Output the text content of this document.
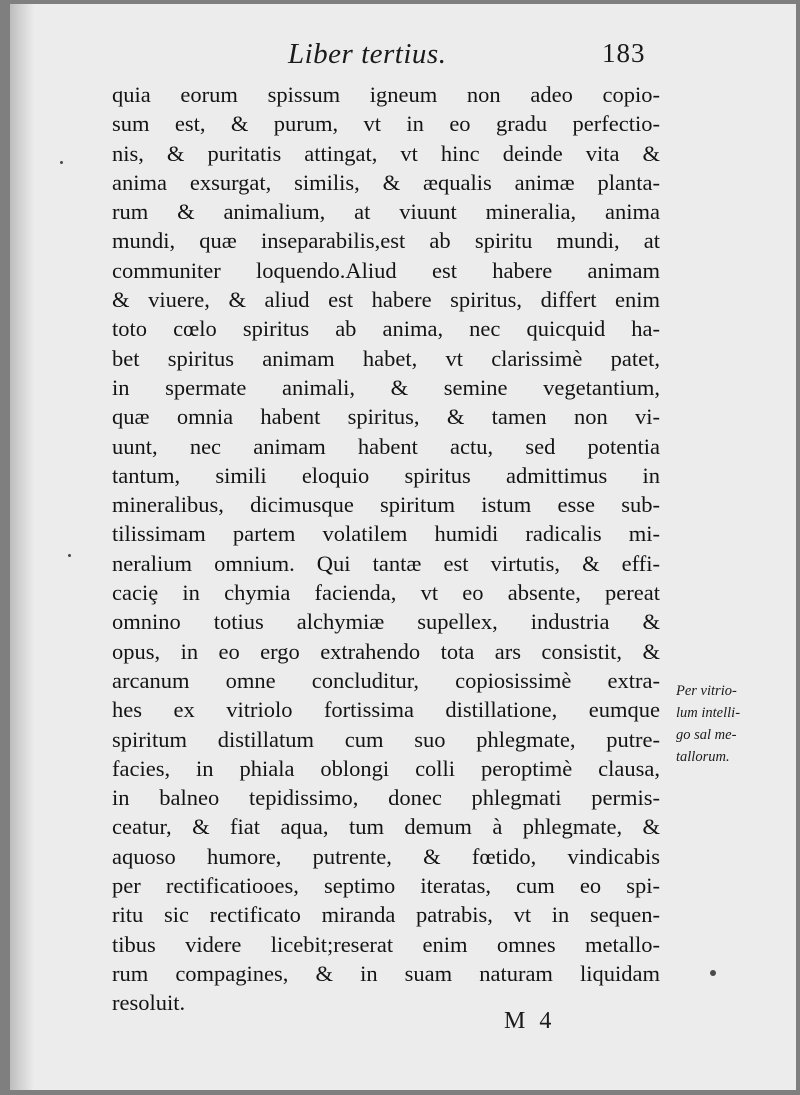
Liber tertius.	183
quia eorum spissum igneum non adeo copio-
sum est, & purum, vt in eo gradu perfectio-
nis, & puritatis attingat, vt hinc deinde vita &
anima exsurgat, similis, & æqualis animæ planta-
rum & animalium, at viuunt mineralia, anima
mundi, quæ inseparabilis,est ab spiritu mundi, at
communiter loquendo.Aliud est habere animam
& viuere, & aliud est habere spiritus, differt enim
toto cœlo spiritus ab anima, nec quicquid ha-
bet spiritus animam habet, vt clarissimè patet,
in spermate animali, & semine vegetantium,
quæ omnia habent spiritus, & tamen non vi-
uunt, nec animam habent actu, sed potentia
tantum, simili eloquio spiritus admittimus in
mineralibus, dicimusque spiritum istum esse sub-
tilissimam partem volatilem humidi radicalis mi-
neralium omnium. Qui tantæ est virtutis, & effi-
caciȩ in chymia facienda, vt eo absente, pereat
omnino totius alchymiæ supellex, industria &
opus, in eo ergo extrahendo tota ars consistit, &
arcanum omne concluditur, copiosissimè extra-
hes ex vitriolo fortissima distillatione, eumque
spiritum distillatum cum suo phlegmate, putre-
facies, in phiala oblongi colli peroptimè clausa,
in balneo tepidissimo, donec phlegmati permis-
ceatur, & fiat aqua, tum demum à phlegmate, &
aquoso humore, putrente, & fœtido, vindicabis
per rectificatiooes, septimo iteratas, cum eo spi-
ritu sic rectificato miranda patrabis, vt in sequen-
tibus videre licebit;reserat enim omnes metallo-
rum compagines, & in suam naturam liquidam
resoluit.
Per vitrio-
lum intelli-
go sal me-
tallorum.
M 4
